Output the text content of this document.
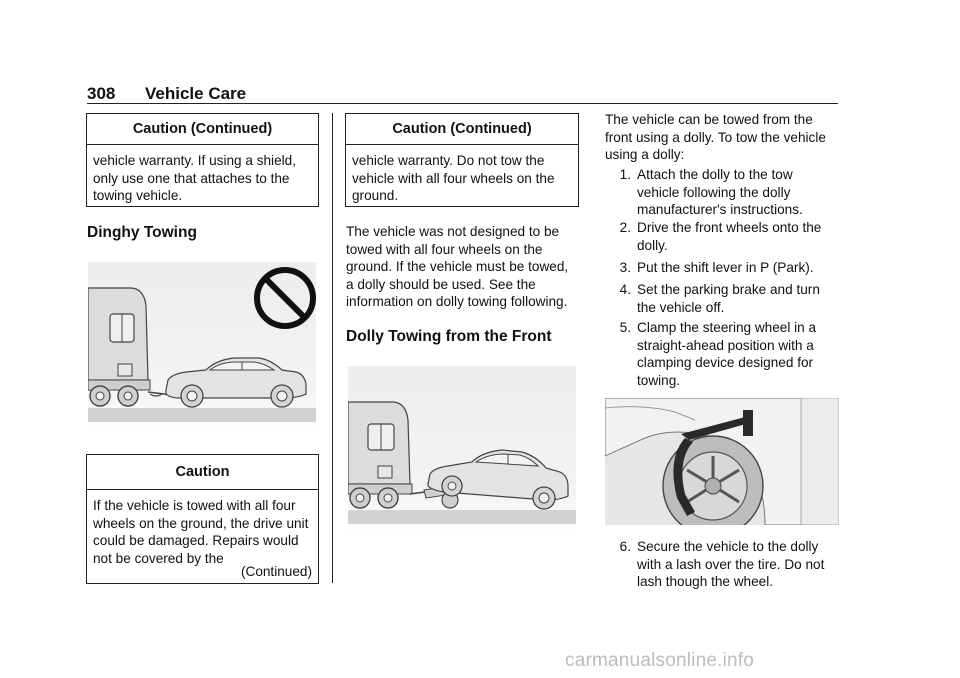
308 Vehicle Care
Caution (Continued)
vehicle warranty. If using a shield, only use one that attaches to the towing vehicle.
Dinghy Towing
Caution
If the vehicle is towed with all four wheels on the ground, the drive unit could be damaged. Repairs would not be covered by the
(Continued)
Caution (Continued)
vehicle warranty. Do not tow the vehicle with all four wheels on the ground.
The vehicle was not designed to be towed with all four wheels on the ground. If the vehicle must be towed, a dolly should be used. See the information on dolly towing following.
Dolly Towing from the Front
The vehicle can be towed from the front using a dolly. To tow the vehicle using a dolly:
1. Attach the dolly to the tow vehicle following the dolly manufacturer's instructions.
2. Drive the front wheels onto the dolly.
3. Put the shift lever in P (Park).
4. Set the parking brake and turn the vehicle off.
5. Clamp the steering wheel in a straight-ahead position with a clamping device designed for towing.
6. Secure the vehicle to the dolly with a lash over the tire. Do not lash though the wheel.
carmanualsonline.info
